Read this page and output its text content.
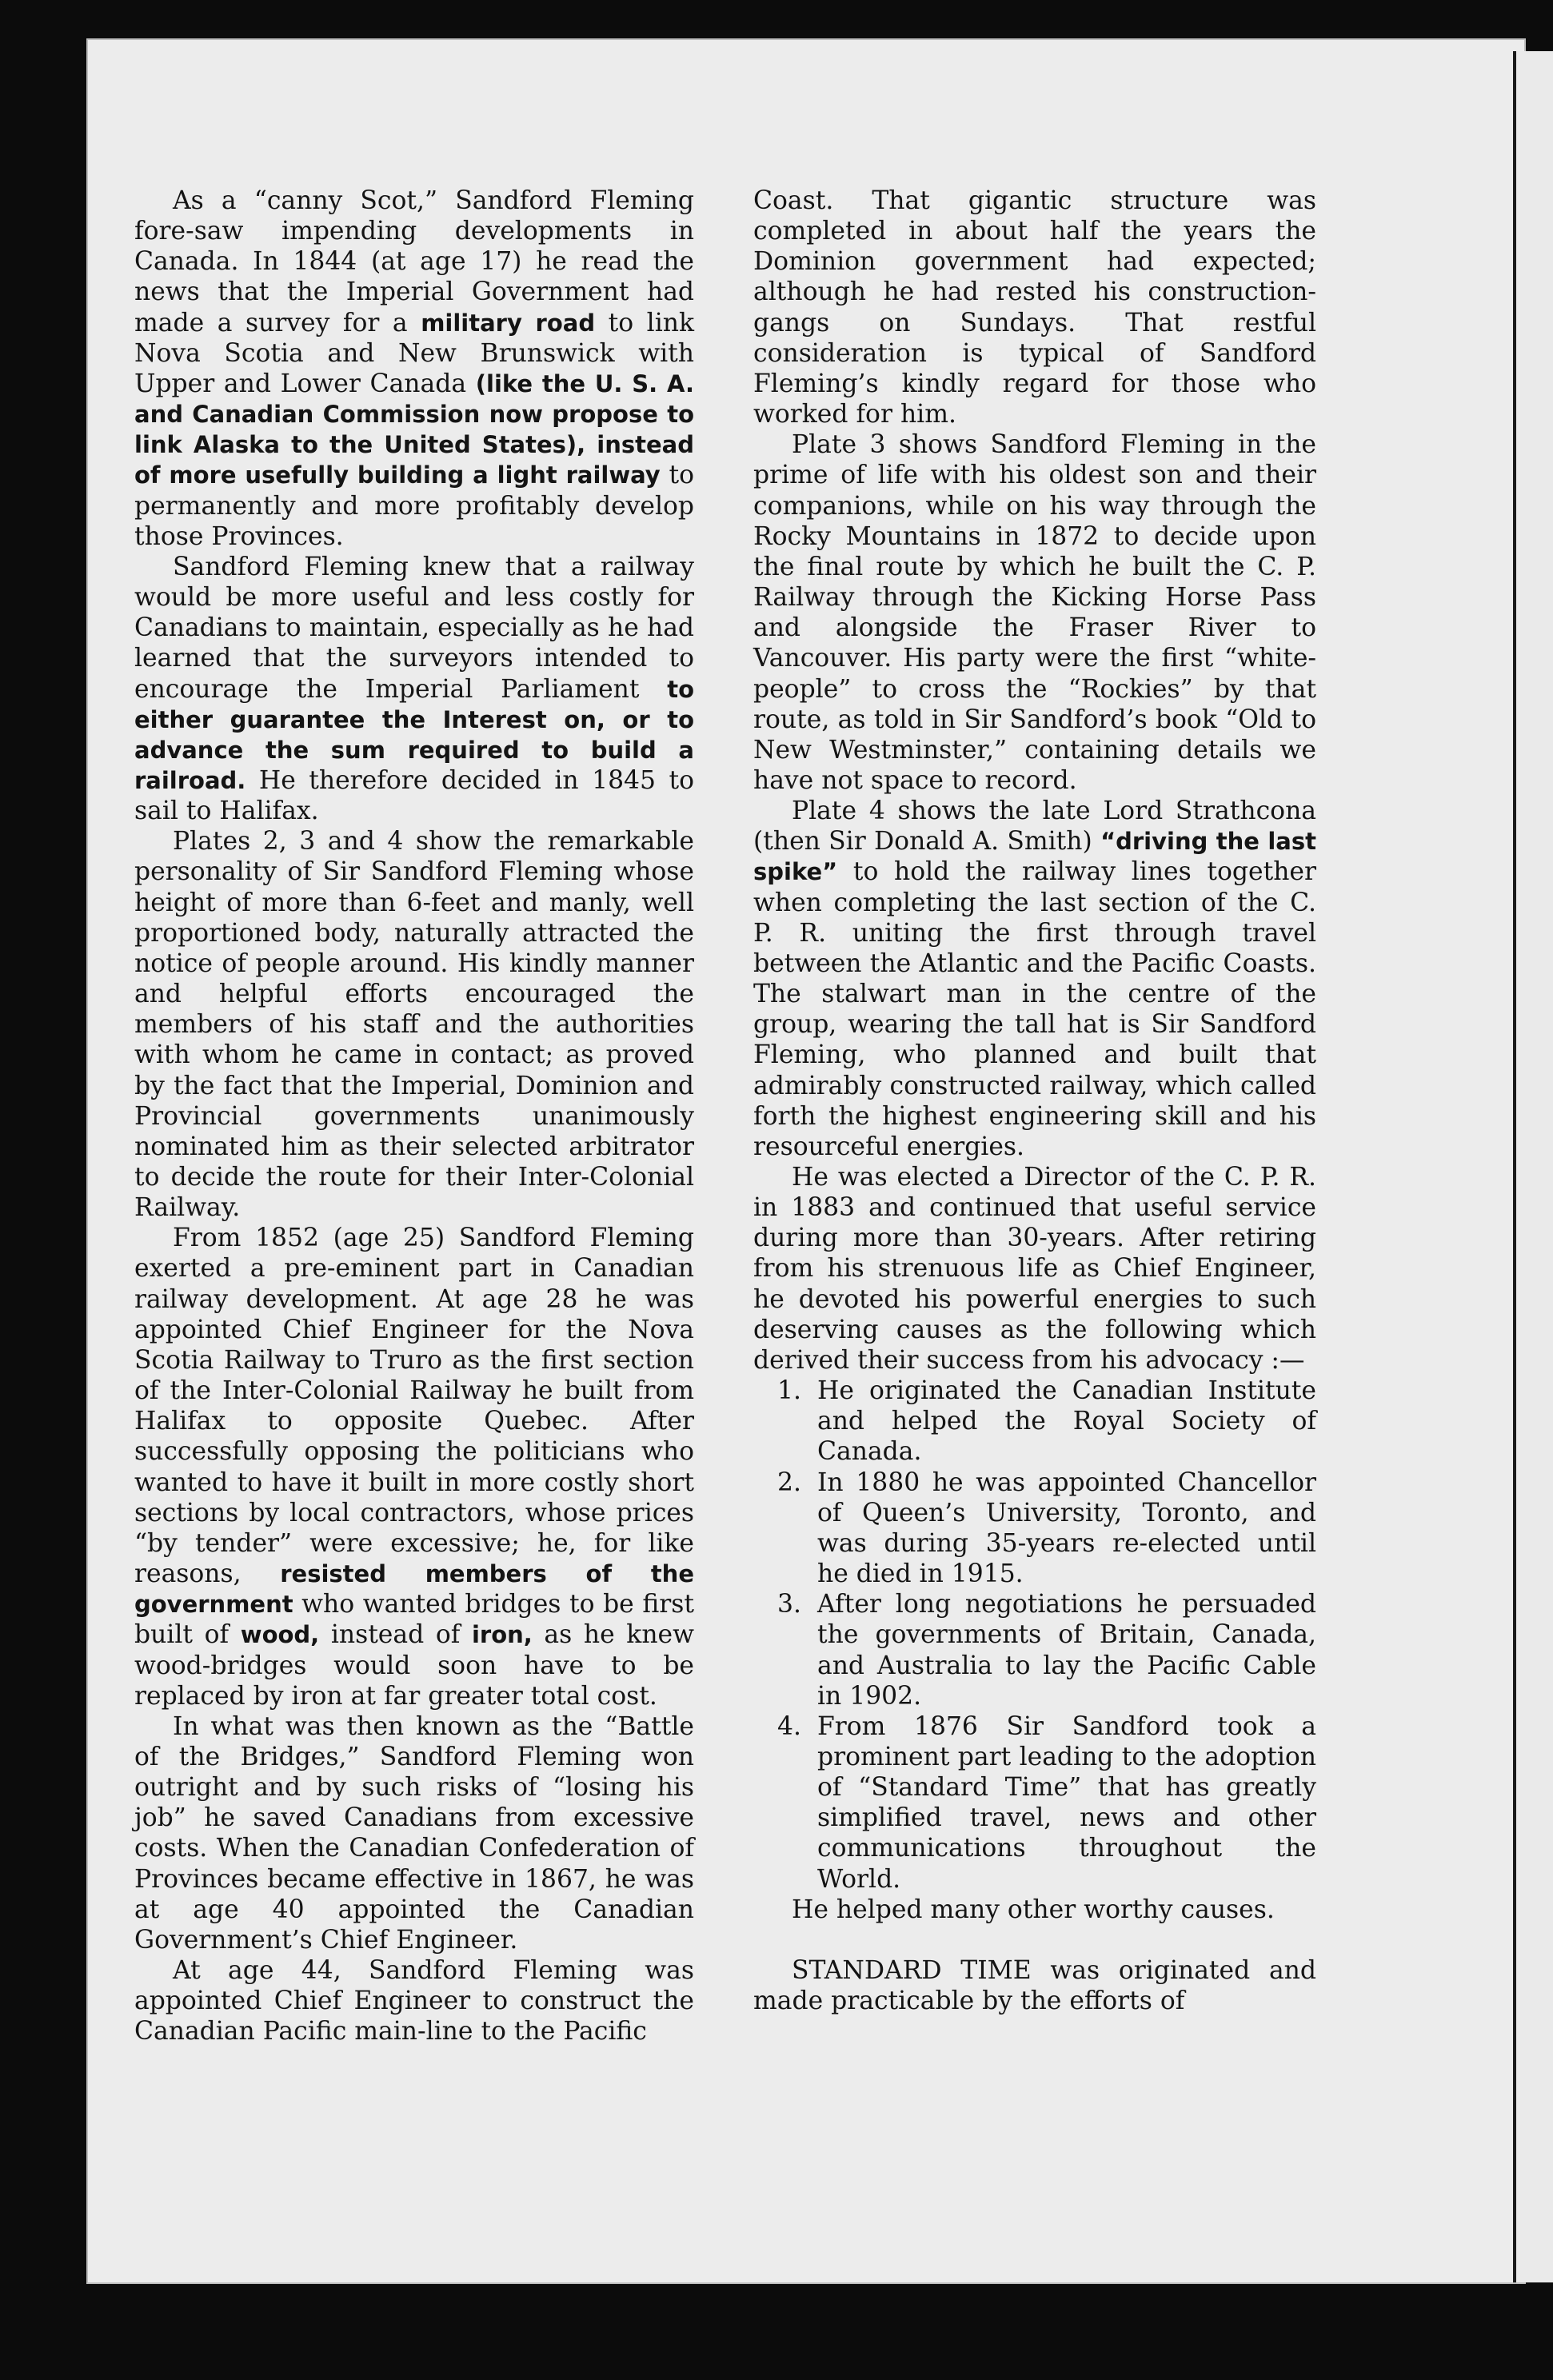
As a “canny Scot,” Sandford Fleming fore-saw impending developments in Canada. In 1844 (at age 17) he read the news that the Imperial Government had made a survey for a military road to link Nova Scotia and New Brunswick with Upper and Lower Canada (like the U. S. A. and Canadian Commission now propose to link Alaska to the United States), instead of more usefully building a light railway to permanently and more profitably develop those Provinces.

Sandford Fleming knew that a railway would be more useful and less costly for Canadians to maintain, especially as he had learned that the surveyors intended to encourage the Imperial Parliament to either guarantee the Interest on, or to advance the sum required to build a railroad. He therefore decided in 1845 to sail to Halifax.

Plates 2, 3 and 4 show the remarkable personality of Sir Sandford Fleming whose height of more than 6-feet and manly, well proportioned body, naturally attracted the notice of people around. His kindly manner and helpful efforts encouraged the members of his staff and the authorities with whom he came in contact; as proved by the fact that the Imperial, Dominion and Provincial governments unanimously nominated him as their selected arbitrator to decide the route for their Inter-Colonial Railway.

From 1852 (age 25) Sandford Fleming exerted a pre-eminent part in Canadian railway development. At age 28 he was appointed Chief Engineer for the Nova Scotia Railway to Truro as the first section of the Inter-Colonial Railway he built from Halifax to opposite Quebec. After successfully opposing the politicians who wanted to have it built in more costly short sections by local contractors, whose prices “by tender” were excessive; he, for like reasons, resisted members of the government who wanted bridges to be first built of wood, instead of iron, as he knew wood-bridges would soon have to be replaced by iron at far greater total cost.

In what was then known as the “Battle of the Bridges,” Sandford Fleming won outright and by such risks of “losing his job” he saved Canadians from excessive costs. When the Canadian Confederation of Provinces became effective in 1867, he was at age 40 appointed the Canadian Government’s Chief Engineer.

At age 44, Sandford Fleming was appointed Chief Engineer to construct the Canadian Pacific main-line to the Pacific

Coast. That gigantic structure was completed in about half the years the Dominion government had expected; although he had rested his construction-gangs on Sundays. That restful consideration is typical of Sandford Fleming’s kindly regard for those who worked for him.

Plate 3 shows Sandford Fleming in the prime of life with his oldest son and their companions, while on his way through the Rocky Mountains in 1872 to decide upon the final route by which he built the C. P. Railway through the Kicking Horse Pass and alongside the Fraser River to Vancouver. His party were the first “white-people” to cross the “Rockies” by that route, as told in Sir Sandford’s book “Old to New Westminster,” containing details we have not space to record.

Plate 4 shows the late Lord Strathcona (then Sir Donald A. Smith) “driving the last spike” to hold the railway lines together when completing the last section of the C. P. R. uniting the first through travel between the Atlantic and the Pacific Coasts. The stalwart man in the centre of the group, wearing the tall hat is Sir Sandford Fleming, who planned and built that admirably constructed railway, which called forth the highest engineering skill and his resourceful energies.

He was elected a Director of the C. P. R. in 1883 and continued that useful service during more than 30-years. After retiring from his strenuous life as Chief Engineer, he devoted his powerful energies to such deserving causes as the following which derived their success from his advocacy :—

1. He originated the Canadian Institute and helped the Royal Society of Canada.
2. In 1880 he was appointed Chancellor of Queen’s University, Toronto, and was during 35-years re-elected until he died in 1915.
3. After long negotiations he persuaded the governments of Britain, Canada, and Australia to lay the Pacific Cable in 1902.
4. From 1876 Sir Sandford took a prominent part leading to the adoption of “Standard Time” that has greatly simplified travel, news and other communications throughout the World.

He helped many other worthy causes.

STANDARD TIME was originated and made practicable by the efforts of
